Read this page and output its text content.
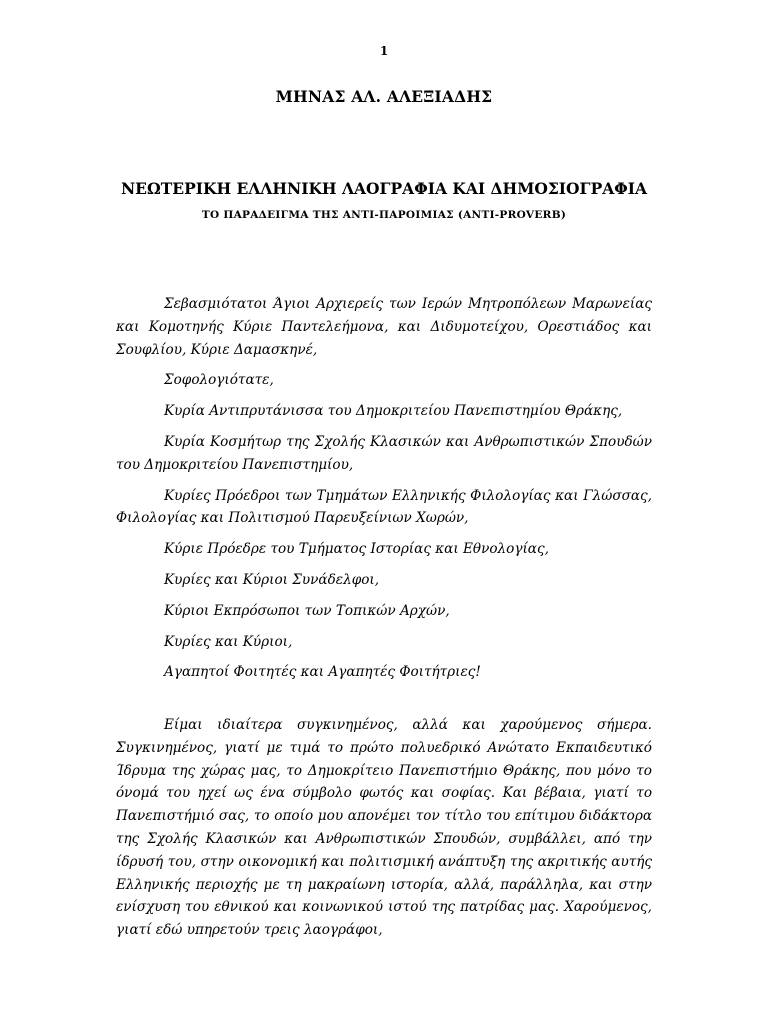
1
ΜΗΝΑΣ ΑΛ. ΑΛΕΞΙΑΔΗΣ
ΝΕΩΤΕΡΙΚΗ ΕΛΛΗΝΙΚΗ ΛΑΟΓΡΑΦΙΑ ΚΑΙ ΔΗΜΟΣΙΟΓΡΑΦΙΑ
ΤΟ ΠΑΡΑΔΕΙΓΜΑ ΤΗΣ ΑΝΤΙ-ΠΑΡΟΙΜΙΑΣ (ANTI-PROVERB)

Σεβασμιότατοι Άγιοι Αρχιερείς των Ιερών Μητροπόλεων Μαρωνείας και Κομοτηνής Κύριε Παντελεήμονα, και Διδυμοτείχου, Ορεστιάδος και Σουφλίου, Κύριε Δαμασκηνέ,

Σοφολογιότατε,

Κυρία Αντιπρυτάνισσα του Δημοκριτείου Πανεπιστημίου Θράκης,

Κυρία Κοσμήτωρ της Σχολής Κλασικών και Ανθρωπιστικών Σπουδών του Δημοκριτείου Πανεπιστημίου,

Κυρίες Πρόεδροι των Τμημάτων Ελληνικής Φιλολογίας και Γλώσσας, Φιλολογίας και Πολιτισμού Παρευξείνιων Χωρών,

Κύριε Πρόεδρε του Τμήματος Ιστορίας και Εθνολογίας,

Κυρίες και Κύριοι Συνάδελφοι,

Κύριοι Εκπρόσωποι των Τοπικών Αρχών,

Κυρίες και Κύριοι,

Αγαπητοί Φοιτητές και Αγαπητές Φοιτήτριες!

Είμαι ιδιαίτερα συγκινημένος, αλλά και χαρούμενος σήμερα. Συγκινημένος, γιατί με τιμά το πρώτο πολυεδρικό Ανώτατο Εκπαιδευτικό Ίδρυμα της χώρας μας, το Δημοκρίτειο Πανεπιστήμιο Θράκης, που μόνο το όνομά του ηχεί ως ένα σύμβολο φωτός και σοφίας. Και βέβαια, γιατί το Πανεπιστήμιό σας, το οποίο μου απονέμει τον τίτλο του επίτιμου διδάκτορα της Σχολής Κλασικών και Ανθρωπιστικών Σπουδών, συμβάλλει, από την ίδρυσή του, στην οικονομική και πολιτισμική ανάπτυξη της ακριτικής αυτής Ελληνικής περιοχής με τη μακραίωνη ιστορία, αλλά, παράλληλα, και στην ενίσχυση του εθνικού και κοινωνικού ιστού της πατρίδας μας. Χαρούμενος, γιατί εδώ υπηρετούν τρεις λαογράφοι,
